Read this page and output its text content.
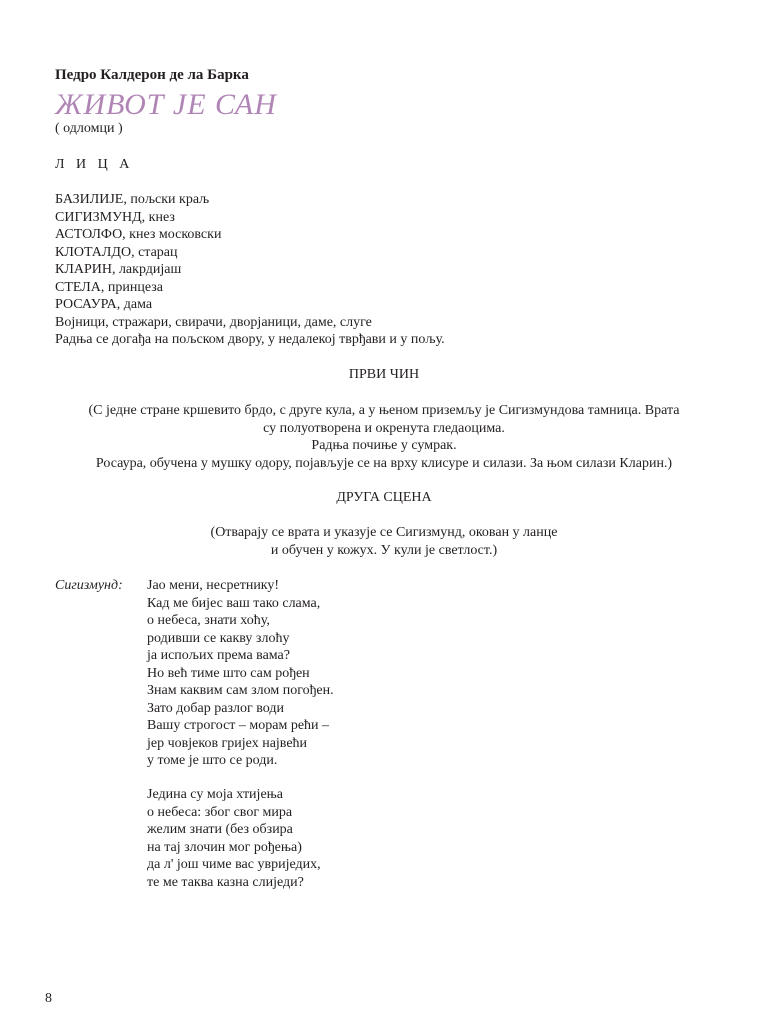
Педро Калдерон де ла Барка
ЖИВОТ ЈЕ САН
( одломци )
Л И Ц А
БАЗИЛИЈЕ, пољски краљ
СИГИЗМУНД, кнез
АСТОЛФО, кнез московски
КЛОТАЛДО, старац
КЛАРИН, лакрдијаш
СТЕЛА, принцеза
РОСАУРА, дама
Војници, стражари, свирачи, дворјаници, даме, слуге
Радња се догађа на пољском двору, у недалекој тврђави и у пољу.
ПРВИ ЧИН
(С једне стране кршевито брдо, с друге кула, а у њеном приземљу је Сигизмундова тамница. Врата
су полуотворена и окренута гледаоцима.
Радња почиње у сумрак.
Росаура, обучена у мушку одору, појављује се на врху клисуре и силази. За њом силази Кларин.)
ДРУГА СЦЕНА
(Отварају се врата и указује се Сигизмунд, окован у ланце
и обучен у кожух. У кули је светлост.)
Сигизмунд: Јао мени, несретнику!
Кад ме бијес ваш тако слама,
о небеса, знати хоћу,
родивши се какву злоћу
ја испољих према вама?
Но већ тиме што сам рођен
Знам каквим сам злом погођен.
Зато добар разлог води
Вашу строгост – морам рећи –
јер човјеков гријех највећи
у томе је што се роди.
Једина су моја хтијења
о небеса: због свог мира
желим знати (без обзира
на тај злочин мог рођења)
да л' још чиме вас увриједих,
те ме таква казна слиједи?
8
